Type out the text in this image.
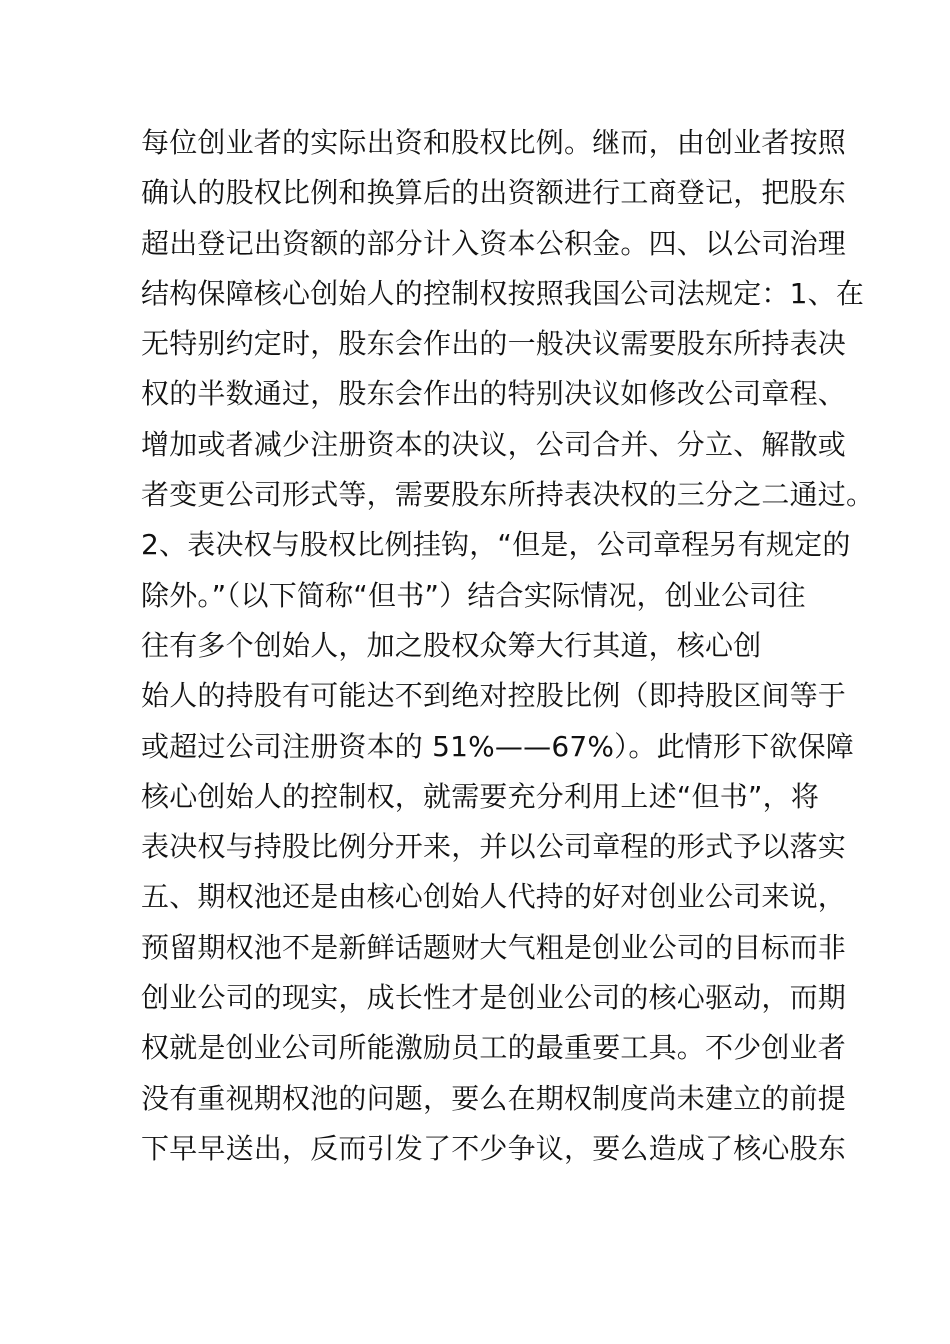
每位创业者的实际出资和股权比例。继而，由创业者按照
确认的股权比例和换算后的出资额进行工商登记，把股东
超出登记出资额的部分计入资本公积金。四、以公司治理
结构保障核心创始人的控制权按照我国公司法规定：1、在
无特别约定时，股东会作出的一般决议需要股东所持表决
权的半数通过，股东会作出的特别决议如修改公司章程、
增加或者减少注册资本的决议，公司合并、分立、解散或
者变更公司形式等，需要股东所持表决权的三分之二通过。
2、表决权与股权比例挂钩，“但是，公司章程另有规定的
除外。”（以下简称“但书”）结合实际情况，创业公司往
往有多个创始人，加之股权众筹大行其道，核心创
始人的持股有可能达不到绝对控股比例（即持股区间等于
或超过公司注册资本的 51%——67%）。此情形下欲保障
核心创始人的控制权，就需要充分利用上述“但书”，将
表决权与持股比例分开来，并以公司章程的形式予以落实
五、期权池还是由核心创始人代持的好对创业公司来说，
预留期权池不是新鲜话题财大气粗是创业公司的目标而非
创业公司的现实，成长性才是创业公司的核心驱动，而期
权就是创业公司所能激励员工的最重要工具。不少创业者
没有重视期权池的问题，要么在期权制度尚未建立的前提
下早早送出，反而引发了不少争议，要么造成了核心股东
